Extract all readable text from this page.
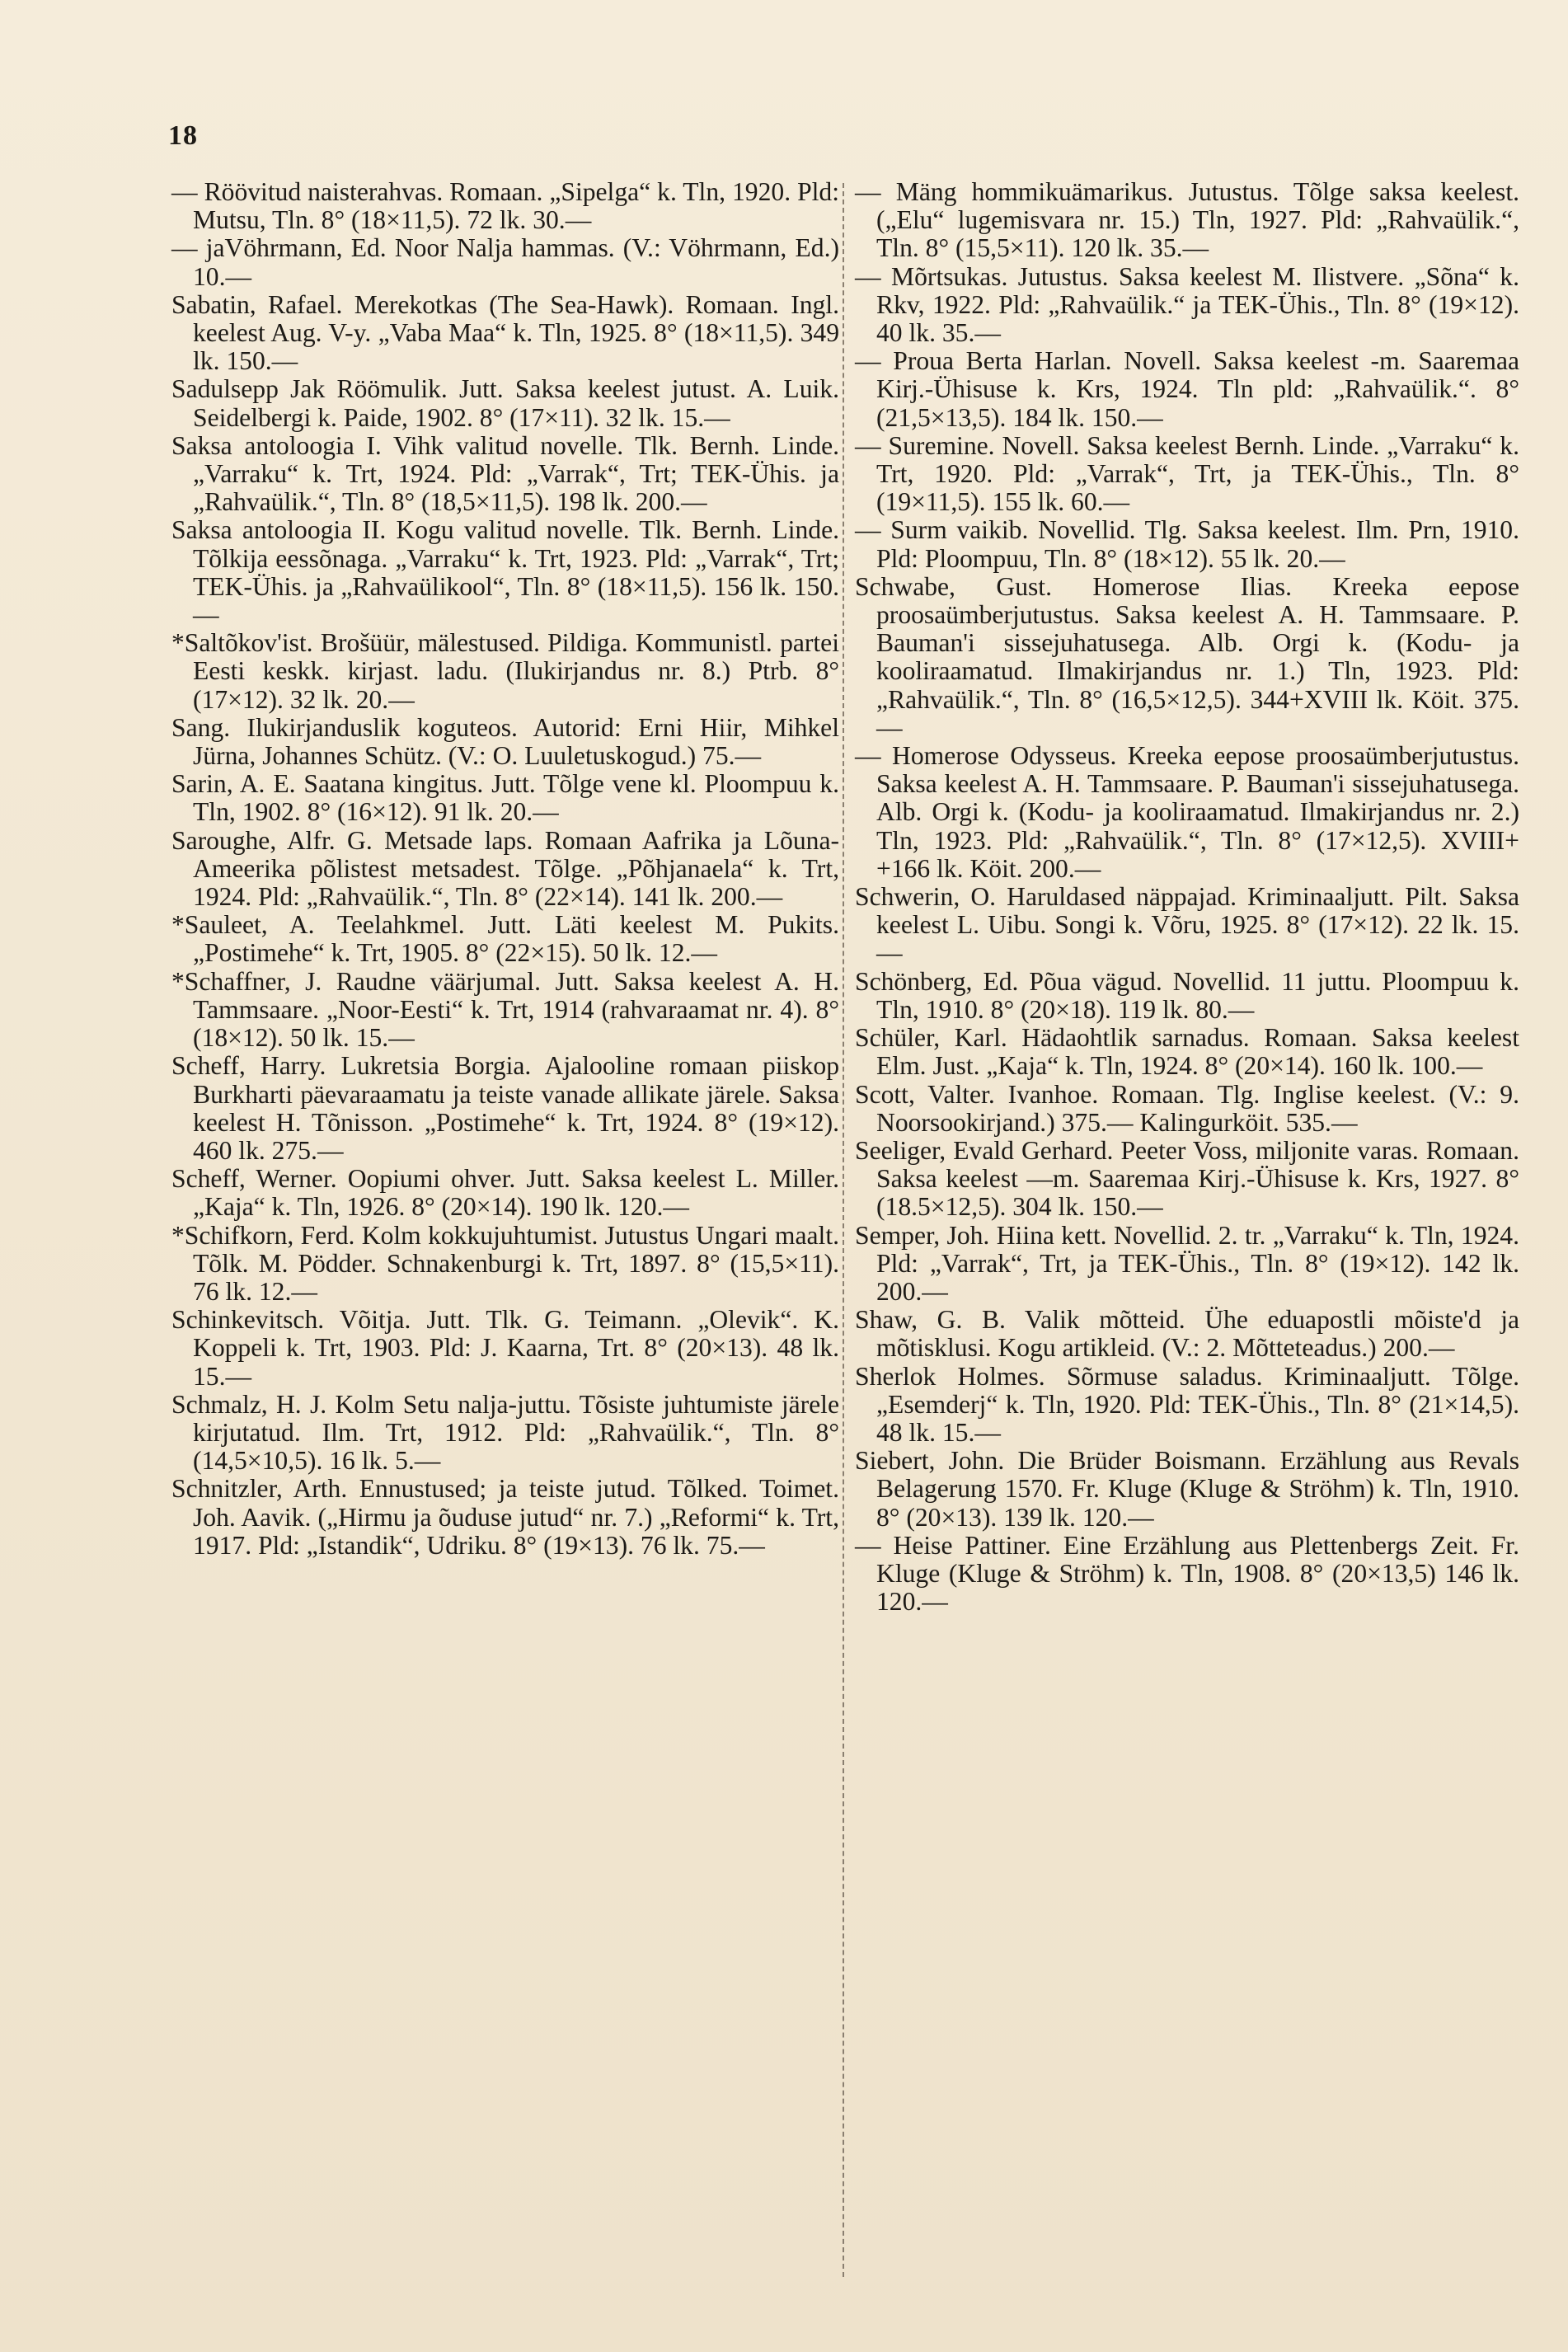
18

— Röövitud naisterahvas. Romaan. „Sipelga“ k. Tln, 1920. Pld: Mutsu, Tln. 8° (18×11,5). 72 lk. 30.—

— jaVöhrmann, Ed. Noor Nalja hammas. (V.: Vöhrmann, Ed.) 10.—

Sabatin, Rafael. Merekotkas (The Sea-Hawk). Romaan. Ingl. keelest Aug. V-y. „Vaba Maa“ k. Tln, 1925. 8° (18×11,5). 349 lk. 150.—

Sadulsepp Jak Röömulik. Jutt. Saksa keelest jutust. A. Luik. Seidelbergi k. Paide, 1902. 8° (17×11). 32 lk. 15.—

Saksa antoloogia I. Vihk valitud novelle. Tlk. Bernh. Linde. „Varraku“ k. Trt, 1924. Pld: „Varrak“, Trt; TEK-Ühis. ja „Rahvaülik.“, Tln. 8° (18,5×11,5). 198 lk. 200.—

Saksa antoloogia II. Kogu valitud novelle. Tlk. Bernh. Linde. Tõlkija eessõnaga. „Varraku“ k. Trt, 1923. Pld: „Varrak“, Trt; TEK-Ühis. ja „Rahvaülikool“, Tln. 8° (18×11,5). 156 lk. 150.—

*Saltõkov'ist. Brošüür, mälestused. Pildiga. Kommunistl. partei Eesti keskk. kirjast. ladu. (Ilukirjandus nr. 8.) Ptrb. 8° (17×12). 32 lk. 20.—

Sang. Ilukirjanduslik koguteos. Autorid: Erni Hiir, Mihkel Jürna, Johannes Schütz. (V.: O. Luuletuskogud.) 75.—

Sarin, A. E. Saatana kingitus. Jutt. Tõlge vene kl. Ploompuu k. Tln, 1902. 8° (16×12). 91 lk. 20.—

Saroughe, Alfr. G. Metsade laps. Romaan Aafrika ja Lõuna-Ameerika põlistest metsadest. Tõlge. „Põhjanaela“ k. Trt, 1924. Pld: „Rahvaülik.“, Tln. 8° (22×14). 141 lk. 200.—

*Sauleet, A. Teelahkmel. Jutt. Läti keelest M. Pukits. „Postimehe“ k. Trt, 1905. 8° (22×15). 50 lk. 12.—

*Schaffner, J. Raudne väärjumal. Jutt. Saksa keelest A. H. Tammsaare. „Noor-Eesti“ k. Trt, 1914 (rahvaraamat nr. 4). 8° (18×12). 50 lk. 15.—

Scheff, Harry. Lukretsia Borgia. Ajalooline romaan piiskop Burkharti päevaraamatu ja teiste vanade allikate järele. Saksa keelest H. Tõnisson. „Postimehe“ k. Trt, 1924. 8° (19×12). 460 lk. 275.—

Scheff, Werner. Oopiumi ohver. Jutt. Saksa keelest L. Miller. „Kaja“ k. Tln, 1926. 8° (20×14). 190 lk. 120.—

*Schifkorn, Ferd. Kolm kokkujuhtumist. Jutustus Ungari maalt. Tõlk. M. Pödder. Schnakenburgi k. Trt, 1897. 8° (15,5×11). 76 lk. 12.—

Schinkevitsch. Võitja. Jutt. Tlk. G. Teimann. „Olevik“. K. Koppeli k. Trt, 1903. Pld: J. Kaarna, Trt. 8° (20×13). 48 lk. 15.—

Schmalz, H. J. Kolm Setu nalja-juttu. Tõsiste juhtumiste järele kirjutatud. Ilm. Trt, 1912. Pld: „Rahvaülik.“, Tln. 8° (14,5×10,5). 16 lk. 5.—

Schnitzler, Arth. Ennustused; ja teiste jutud. Tõlked. Toimet. Joh. Aavik. („Hirmu ja õuduse jutud“ nr. 7.) „Reformi“ k. Trt, 1917. Pld: „Istandik“, Udriku. 8° (19×13). 76 lk. 75.—

— Mäng hommikuämarikus. Jutustus. Tõlge saksa keelest. („Elu“ lugemisvara nr. 15.) Tln, 1927. Pld: „Rahvaülik.“, Tln. 8° (15,5×11). 120 lk. 35.—

— Mõrtsukas. Jutustus. Saksa keelest M. Ilistvere. „Sõna“ k. Rkv, 1922. Pld: „Rahvaülik.“ ja TEK-Ühis., Tln. 8° (19×12). 40 lk. 35.—

— Proua Berta Harlan. Novell. Saksa keelest -m. Saaremaa Kirj.-Ühisuse k. Krs, 1924. Tln pld: „Rahvaülik.“. 8° (21,5×13,5). 184 lk. 150.—

— Suremine. Novell. Saksa keelest Bernh. Linde. „Varraku“ k. Trt, 1920. Pld: „Varrak“, Trt, ja TEK-Ühis., Tln. 8° (19×11,5). 155 lk. 60.—

— Surm vaikib. Novellid. Tlg. Saksa keelest. Ilm. Prn, 1910. Pld: Ploompuu, Tln. 8° (18×12). 55 lk. 20.—

Schwabe, Gust. Homerose Ilias. Kreeka eepose proosaümberjutustus. Saksa keelest A. H. Tammsaare. P. Bauman'i sissejuhatusega. Alb. Orgi k. (Kodu- ja kooliraamatud. Ilmakirjandus nr. 1.) Tln, 1923. Pld: „Rahvaülik.“, Tln. 8° (16,5×12,5). 344+XVIII lk. Köit. 375.—

— Homerose Odysseus. Kreeka eepose proosaümberjutustus. Saksa keelest A. H. Tammsaare. P. Bauman'i sissejuhatusega. Alb. Orgi k. (Kodu- ja kooliraamatud. Ilmakirjandus nr. 2.) Tln, 1923. Pld: „Rahvaülik.“, Tln. 8° (17×12,5). XVIII+ +166 lk. Köit. 200.—

Schwerin, O. Haruldased näppajad. Kriminaaljutt. Pilt. Saksa keelest L. Uibu. Songi k. Võru, 1925. 8° (17×12). 22 lk. 15.—

Schönberg, Ed. Põua vägud. Novellid. 11 juttu. Ploompuu k. Tln, 1910. 8° (20×18). 119 lk. 80.—

Schüler, Karl. Hädaohtlik sarnadus. Romaan. Saksa keelest Elm. Just. „Kaja“ k. Tln, 1924. 8° (20×14). 160 lk. 100.—

Scott, Valter. Ivanhoe. Romaan. Tlg. Inglise keelest. (V.: 9. Noorsookirjand.) 375.— Kalingurköit. 535.—

Seeliger, Evald Gerhard. Peeter Voss, miljonite varas. Romaan. Saksa keelest —m. Saaremaa Kirj.-Ühisuse k. Krs, 1927. 8° (18.5×12,5). 304 lk. 150.—

Semper, Joh. Hiina kett. Novellid. 2. tr. „Varraku“ k. Tln, 1924. Pld: „Varrak“, Trt, ja TEK-Ühis., Tln. 8° (19×12). 142 lk. 200.—

Shaw, G. B. Valik mõtteid. Ühe eduapostli mõiste'd ja mõtisklusi. Kogu artikleid. (V.: 2. Mõtteteadus.) 200.—

Sherlok Holmes. Sõrmuse saladus. Kriminaaljutt. Tõlge. „Esemderj“ k. Tln, 1920. Pld: TEK-Ühis., Tln. 8° (21×14,5). 48 lk. 15.—

Siebert, John. Die Brüder Boismann. Erzählung aus Revals Belagerung 1570. Fr. Kluge (Kluge & Ströhm) k. Tln, 1910. 8° (20×13). 139 lk. 120.—

— Heise Pattiner. Eine Erzählung aus Plettenbergs Zeit. Fr. Kluge (Kluge & Ströhm) k. Tln, 1908. 8° (20×13,5) 146 lk. 120.—
